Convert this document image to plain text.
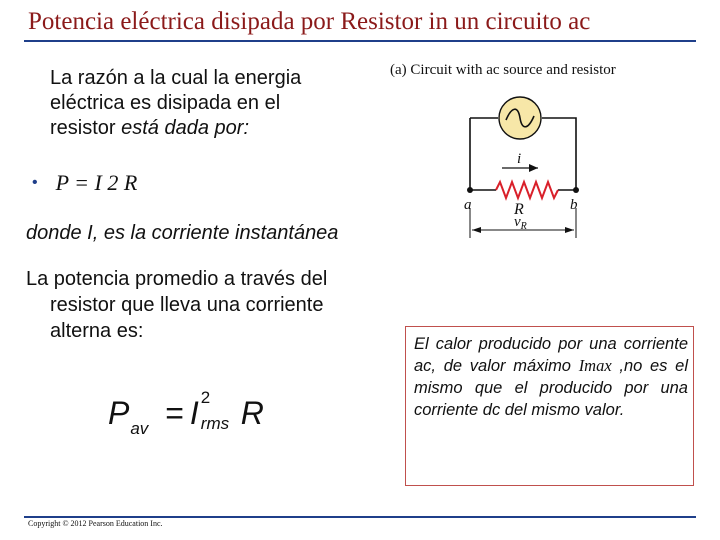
Potencia eléctrica disipada por Resistor in un circuito ac
La razón a la cual la energia
eléctrica es disipada en el
resistor está dada por:
• P = I 2 R
donde I, es la corriente instantánea
La potencia promedio a través del
resistor que lleva una corriente
alterna es:
$P_{av} = I$ 2
rms R
(a) Circuit with ac source and resistor
i
a	b
R
$v_R$
El calor producido por una corriente ac, de valor máximo Imax ,no es el mismo que el producido por una corriente dc del mismo valor.
Copyright © 2012 Pearson Education Inc.
